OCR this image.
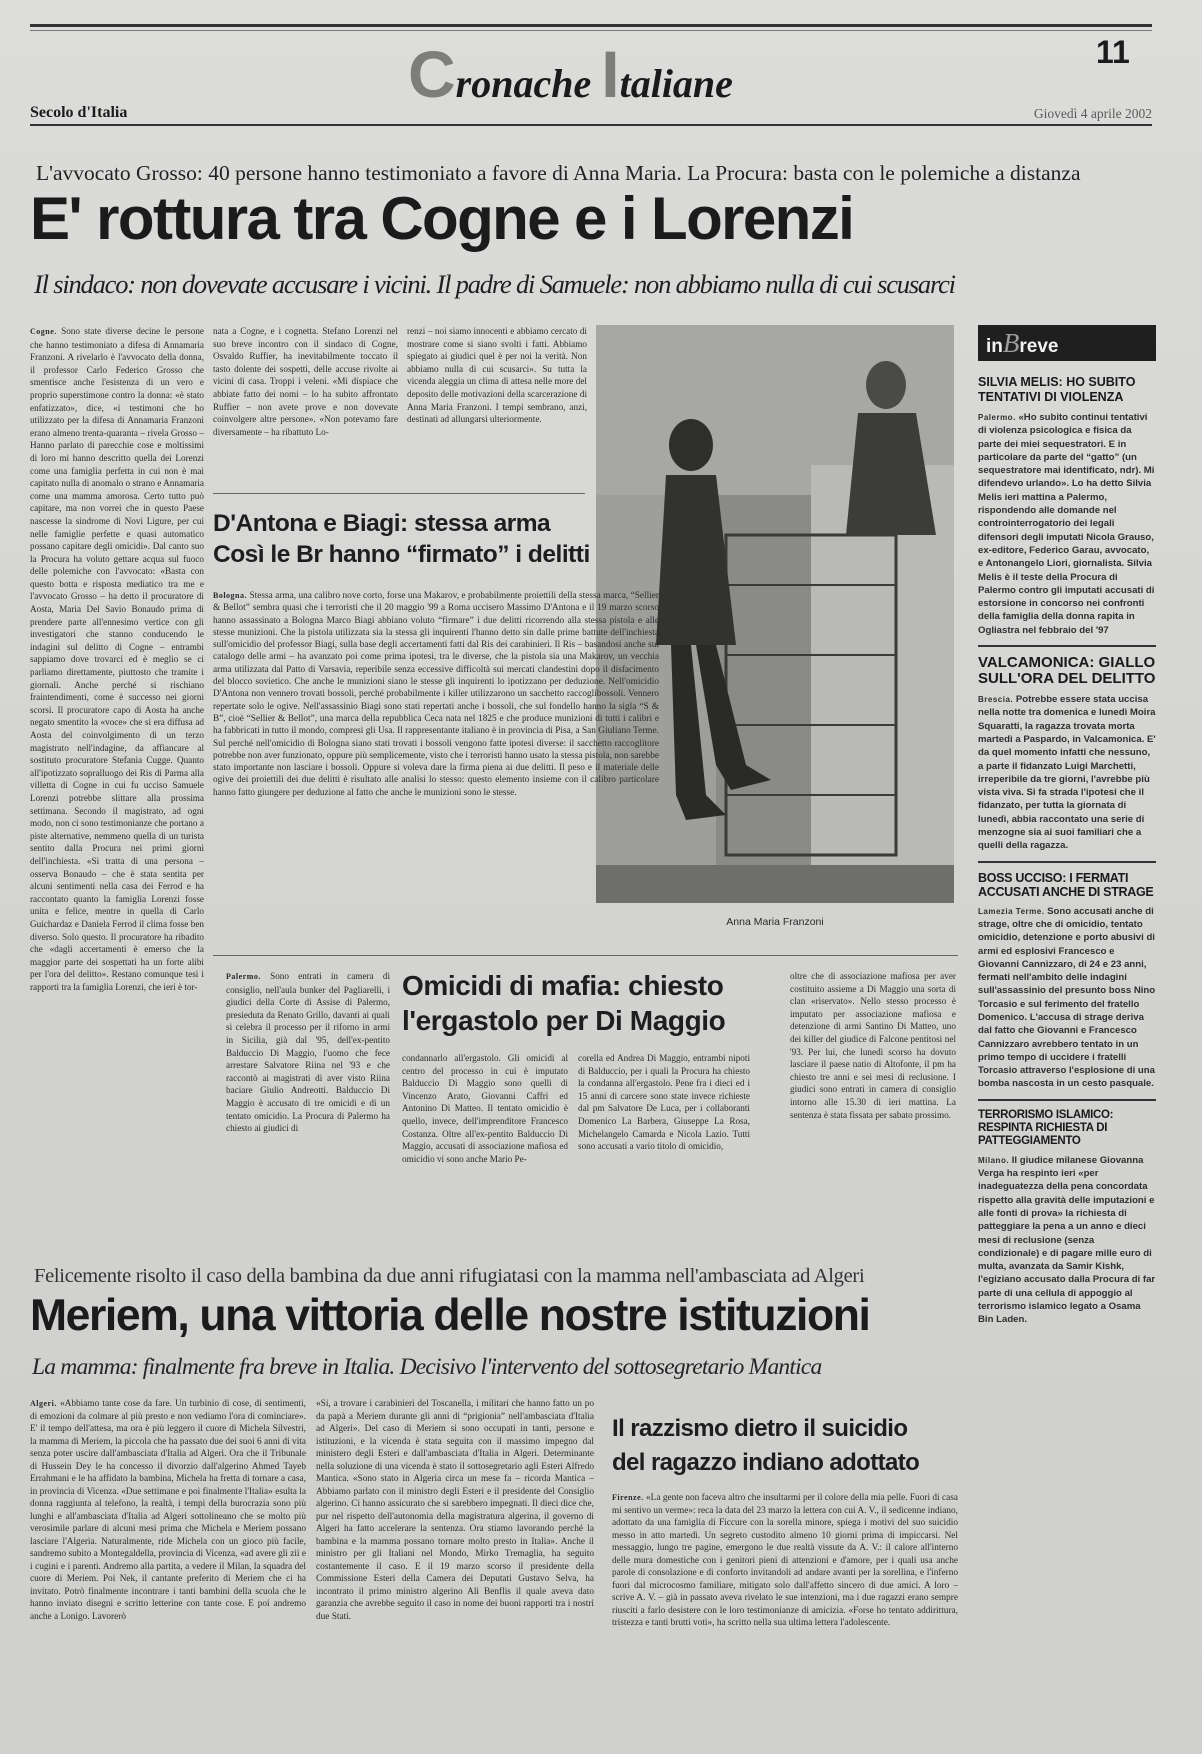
Cronache Italiane
11
Secolo d'Italia	Giovedì 4 aprile 2002
L'avvocato Grosso: 40 persone hanno testimoniato a favore di Anna Maria. La Procura: basta con le polemiche a distanza
E' rottura tra Cogne e i Lorenzi
Il sindaco: non dovevate accusare i vicini. Il padre di Samuele: non abbiamo nulla di cui scusarci
Cogne. Sono state diverse decine le persone che hanno testimoniato a difesa di Annamaria Franzoni. A rivelarlo è l'avvocato della donna, il professor Carlo Federico Grosso che smentisce anche l'esistenza di un vero e proprio superstimone contro la donna: «è stato enfatizzato», dice, «i testimoni che ho utilizzato per la difesa di Annamaria Franzoni erano almeno trenta-quaranta – rivela Grosso – Hanno parlato di parecchie cose e moltissimi di loro mi hanno descritto quella dei Lorenzi come una famiglia perfetta in cui non è mai capitato nulla di anomalo o strano e Annamaria come una mamma amorosa. Certo tutto può capitare, ma non vorrei che in questo Paese nascesse la sindrome di Novi Ligure, per cui nelle famiglie perfette e quasi automatico possano capitare degli omicidi». Dal canto suo la Procura ha voluto gettare acqua sul fuoco delle polemiche con l'avvocato: «Basta con questo botta e risposta mediatico tra me e l'avvocato Grosso – ha detto il procuratore di Aosta, Maria Del Savio Bonaudo prima di prendere parte all'ennesimo vertice con gli investigatori che stanno conducendo le indagini sul delitto di Cogne – entrambi sappiamo dove trovarci ed è meglio se ci parliamo direttamente, piuttosto che tramite i giornali. Anche perché si rischiano fraintendimenti, come è successo nei giorni scorsi. Il procuratore capo di Aosta ha anche negato smentito la «voce» che si era diffusa ad Aosta del coinvolgimento di un terzo magistrato nell'indagine, da affiancare al sostituto procuratore Stefania Cugge. Quanto all'ipotizzato sopralluogo dei Ris di Parma alla villetta di Cogne in cui fu ucciso Samuele Lorenzi potrebbe slittare alla prossima settimana. Secondo il magistrato, ad ogni modo, non ci sono testimonianze che portano a piste alternative, nemmeno quella di un turista sentito dalla Procura nei primi giorni dell'inchiesta. «Si tratta di una persona – osserva Bonaudo – che è stata sentita per alcuni sentimenti nella casa dei Ferrod e ha raccontato quanto la famiglia Lorenzi fosse unita e felice, mentre in quella di Carlo Guichardaz e Daniela Ferrod il clima fosse ben diverso. Solo questo. Il procuratore ha ribadito che «dagli accertamenti è emerso che la maggior parte dei sospettati ha un forte alibi per l'ora del delitto». Restano comunque tesi i rapporti tra la famiglia Lorenzi, che ieri è tor-
nata a Cogne, e i cognetta. Stefano Lorenzi nel suo breve incontro con il sindaco di Cogne, Osvaldo Ruffier, ha inevitabilmente toccato il tasto dolente dei sospetti, delle accuse rivolte ai vicini di casa. Troppi i veleni. «Mi dispiace che abbiate fatto dei nomi – lo ha subito affrontato Ruffier – non avete prove e non dovevate coinvolgere altre persone». «Non potevamo fare diversamente – ha ribattuto Lo-
renzi – noi siamo innocenti e abbiamo cercato di mostrare come si siano svolti i fatti. Abbiamo spiegato ai giudici quel è per noi la verità. Non abbiamo nulla di cui scusarci». Su tutta la vicenda aleggia un clima di attesa nelle more del deposito delle motivazioni della scarcerazione di Anna Maria Franzoni. I tempi sembrano, anzi, destinati ad allungarsi ulteriormente.
Anna Maria Franzoni
D'Antona e Biagi: stessa arma
Così le Br hanno “firmato” i delitti
Bologna. Stessa arma, una calibro nove corto, forse una Makarov, e probabilmente proiettili della stessa marca, “Sellier & Bellot” sembra quasi che i terroristi che il 20 maggio '99 a Roma uccisero Massimo D'Antona e il 19 marzo scorso hanno assassinato a Bologna Marco Biagi abbiano voluto “firmare” i due delitti ricorrendo alla stessa pistola e alle stesse munizioni. Che la pistola utilizzata sia la stessa gli inquirenti l'hanno detto sin dalle prime battute dell'inchiesta sull'omicidio del professor Biagi, sulla base degli accertamenti fatti dal Ris dei carabinieri. Il Ris – basandosi anche sul catalogo delle armi – ha avanzato poi come prima ipotesi, tra le diverse, che la pistola sia una Makarov, un vecchia arma utilizzata dal Patto di Varsavia, reperibile senza eccessive difficoltà sui mercati clandestini dopo il disfacimento del blocco sovietico. Che anche le munizioni siano le stesse gli inquirenti lo ipotizzano per deduzione. Nell'omicidio D'Antona non vennero trovati bossoli, perché probabilmente i killer utilizzarono un sacchetto raccoglibossoli. Vennero repertate solo le ogive. Nell'assassinio Biagi sono stati repertati anche i bossoli, che sul fondello hanno la sigla “S & B”, cioè “Sellier & Bellot”, una marca della repubblica Ceca nata nel 1825 e che produce munizioni di tutti i calibri e ha fabbricati in tutto il mondo, compresi gli Usa. Il rappresentante italiano è in provincia di Pisa, a San Giuliano Terme. Sul perché nell'omicidio di Bologna siano stati trovati i bossoli vengono fatte ipotesi diverse: il sacchetto raccoglitore potrebbe non aver funzionato, oppure più semplicemente, visto che i terroristi hanno usato la stessa pistola, non sarebbe stato importante non lasciare i bossoli. Oppure si voleva dare la firma piena ai due delitti. Il peso e il materiale delle ogive dei proiettili dei due delitti è risultato alle analisi lo stesso: questo elemento insieme con il calibro particolare hanno fatto giungere per deduzione al fatto che anche le munizioni sono le stesse.
Omicidi di mafia: chiesto
l'ergastolo per Di Maggio
Palermo. Sono entrati in camera di consiglio, nell'aula bunker del Pagliarelli, i giudici della Corte di Assise di Palermo, presieduta da Renato Grillo, davanti ai quali si celebra il processo per il riforno in armi in Sicilia, già dal '95, dell'ex-pentito Balduccio Di Maggio, l'uomo che fece arrestare Salvatore Riina nel '93 e che raccontò ai magistrati di aver visto Riina baciare Giulio Andreotti. Balduccio Di Maggio è accusato di tre omicidi e di un tentato omicidio. La Procura di Palermo ha chiesto ai giudici di
condannarlo all'ergastolo. Gli omicidi al centro del processo in cui è imputato Balduccio Di Maggio sono quelli di Vincenzo Arato, Giovanni Caffrì ed Antonino Di Matteo. Il tentato omicidio è quello, invece, dell'imprenditore Francesco Costanza. Oltre all'ex-pentito Balduccio Di Maggio, accusati di associazione mafiosa ed omicidio vi sono anche Mario Pe-
corella ed Andrea Di Maggio, entrambi nipoti di Balduccio, per i quali la Procura ha chiesto la condanna all'ergastolo. Pene fra i dieci ed i 15 anni di carcere sono state invece richieste dal pm Salvatore De Luca, per i collaboranti Domenico La Barbera, Giuseppe La Rosa, Michelangelo Camarda e Nicola Lazio. Tutti sono accusati a vario titolo di omicidio,
oltre che di associazione mafiosa per aver costituito assieme a Di Maggio una sorta di clan «riservato». Nello stesso processo è imputato per associazione mafiosa e detenzione di armi Santino Di Matteo, uno dei killer del giudice di Falcone pentitosi nel '93. Per lui, che lunedì scorso ha dovuto lasciare il paese natio di Altofonte, il pm ha chiesto tre anni e sei mesi di reclusione. I giudici sono entrati in camera di consiglio intorno alle 15.30 di ieri mattina. La sentenza è stata fissata per sabato prossimo.
Felicemente risolto il caso della bambina da due anni rifugiatasi con la mamma nell'ambasciata ad Algeri
Meriem, una vittoria delle nostre istituzioni
La mamma: finalmente fra breve in Italia. Decisivo l'intervento del sottosegretario Mantica
Algeri. «Abbiamo tante cose da fare. Un turbinio di cose, di sentimenti, di emozioni da colmare al più presto e non vediamo l'ora di cominciare». E' il tempo dell'attesa, ma ora è più leggero il cuore di Michela Silvestri, la mamma di Meriem, la piccola che ha passato due dei suoi 6 anni di vita senza poter uscire dall'ambasciata d'Italia ad Algeri. Ora che il Tribunale di Hussein Dey le ha concesso il divorzio dall'algerino Ahmed Tayeb Errahmani e le ha affidato la bambina, Michela ha fretta di tornare a casa, in provincia di Vicenza. «Due settimane e poi finalmente l'Italia» esulta la donna raggiunta al telefono, la realtà, i tempi della burocrazia sono più lunghi e all'ambasciata d'Italia ad Algeri sottolineano che se molto più verosimile parlare di alcuni mesi prima che Michela e Meriem possano lasciare l'Algeria. Naturalmente, ride Michela con un gioco più facile, sandremo subito a Montegaldella, provincia di Vicenza, «ad avere gli zii e i cugini e i parenti. Andremo alla partita, a vedere il Milan, la squadra del cuore di Meriem. Poi Nek, il cantante preferito di Meriem che ci ha invitato. Potrò finalmente incontrare i tanti bambini della scuola che le hanno inviato disegni e scritto letterine con tante cose. E poi andremo anche a Lonigo. Lavorerò
«Si, a trovare i carabinieri del Toscanella, i militari che hanno fatto un po da papà a Meriem durante gli anni di “prigionia” nell'ambasciata d'Italia ad Algeri». Del caso di Meriem si sono occupati in tanti, persone e istituzioni, e la vicenda è stata seguita con il massimo impegno dal ministero degli Esteri e dall'ambasciata d'Italia in Algeri. Determinante nella soluzione di una vicenda è stato il sottosegretario agli Esteri Alfredo Mantica. «Sono stato in Algeria circa un mese fa – ricorda Mantica – Abbiamo parlato con il ministro degli Esteri e il presidente del Consiglio algerino. Ci hanno assicurato che si sarebbero impegnati. Il dieci dice che, pur nel rispetto dell'autonomia della magistratura algerina, il governo di Algeri ha fatto accelerare la sentenza. Ora stiamo lavorando perché la bambina e la mamma possano tornare molto presto in Italia». Anche il ministro per gli Italiani nel Mondo, Mirko Tremaglia, ha seguito costantemente il caso. E il 19 marzo scorso il presidente della Commissione Esteri della Camera dei Deputati Gustavo Selva, ha incontrato il primo ministro algerino Ali Benflis il quale aveva dato garanzia che avrebbe seguito il caso in nome dei buoni rapporti tra i nostri due Stati.
Il razzismo dietro il suicidio
del ragazzo indiano adottato
Firenze. «La gente non faceva altro che insultarmi per il colore della mia pelle. Fuori di casa mi sentivo un verme»: reca la data del 23 marzo la lettera con cui A. V., il sedicenne indiano, adottato da una famiglia di Ficcure con la sorella minore, spiega i motivi del suo suicidio messo in atto martedì. Un segreto custodito almeno 10 giorni prima di impiccarsi. Nel messaggio, lungo tre pagine, emergono le due realtà vissute da A. V.: il calore all'interno delle mura domestiche con i genitori pieni di attenzioni e d'amore, per i quali usa anche parole di consolazione e di conforto invitandoli ad andare avanti per la sorellina, e l'inferno fuori dal microcosmo familiare, mitigato solo dall'affetto sincero di due amici. A loro – scrive A. V. – già in passato aveva rivelato le sue intenzioni, ma i due ragazzi erano sempre riusciti a farlo desistere con le loro testimonianze di amicizia. «Forse ho tentato addirittura, tristezza e tanti brutti voti», ha scritto nella sua ultima lettera l'adolescente.
inBreve
SILVIA MELIS: HO SUBITO TENTATIVI DI VIOLENZA
Palermo. «Ho subito continui tentativi di violenza psicologica e fisica da parte dei miei sequestratori. E in particolare da parte del “gatto” (un sequestratore mai identificato, ndr). Mi difendevo urlando». Lo ha detto Silvia Melis ieri mattina a Palermo, rispondendo alle domande nel controinterrogatorio dei legali difensori degli imputati Nicola Grauso, ex-editore, Federico Garau, avvocato, e Antonangelo Liori, giornalista. Silvia Melis è il teste della Procura di Palermo contro gli imputati accusati di estorsione in concorso nei confronti della famiglia della donna rapita in Ogliastra nel febbraio del '97
VALCAMONICA: GIALLO SULL'ORA DEL DELITTO
Brescia. Potrebbe essere stata uccisa nella notte tra domenica e lunedì Moira Squaratti, la ragazza trovata morta martedì a Paspardo, in Valcamonica. E' da quel momento infatti che nessuno, a parte il fidanzato Luigi Marchetti, irreperibile da tre giorni, l'avrebbe più vista viva. Si fa strada l'ipotesi che il fidanzato, per tutta la giornata di lunedì, abbia raccontato una serie di menzogne sia ai suoi familiari che a quelli della ragazza.
BOSS UCCISO: I FERMATI ACCUSATI ANCHE DI STRAGE
Lamezia Terme. Sono accusati anche di strage, oltre che di omicidio, tentato omicidio, detenzione e porto abusivi di armi ed esplosivi Francesco e Giovanni Cannizzaro, di 24 e 23 anni, fermati nell'ambito delle indagini sull'assassinio del presunto boss Nino Torcasio e sul ferimento del fratello Domenico. L'accusa di strage deriva dal fatto che Giovanni e Francesco Cannizzaro avrebbero tentato in un primo tempo di uccidere i fratelli Torcasio attraverso l'esplosione di una bomba nascosta in un cesto pasquale.
TERRORISMO ISLAMICO: RESPINTA RICHIESTA DI PATTEGGIAMENTO
Milano. Il giudice milanese Giovanna Verga ha respinto ieri «per inadeguatezza della pena concordata rispetto alla gravità delle imputazioni e alle fonti di prova» la richiesta di patteggiare la pena a un anno e dieci mesi di reclusione (senza condizionale) e di pagare mille euro di multa, avanzata da Samir Kishk, l'egiziano accusato dalla Procura di far parte di una cellula di appoggio al terrorismo islamico legato a Osama Bin Laden.
